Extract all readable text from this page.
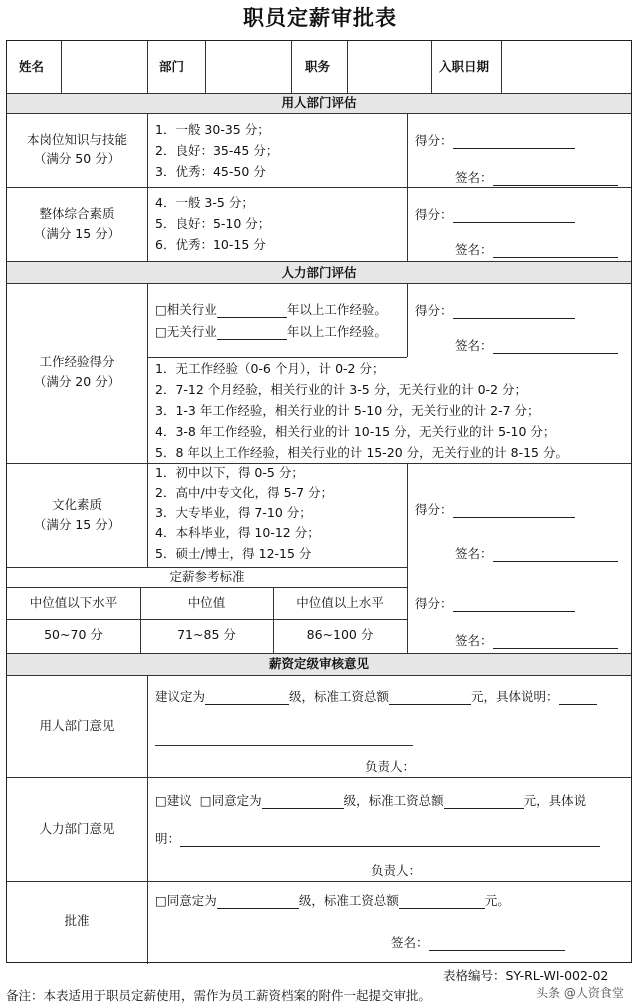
职员定薪审批表
姓名	部门	职务	入职日期
用人部门评估
本岗位知识与技能
（满分 50 分）
1．一般 30-35 分；
2．良好：35-45 分；
3．优秀：45-50 分
得分：
签名：
整体综合素质
（满分 15 分）
4．一般 3-5 分；
5．良好：5-10 分；
6．优秀：10-15 分
得分：
签名：
人力部门评估
工作经验得分
（满分 20 分）
□相关行业	年以上工作经验。
□无关行业	年以上工作经验。
得分：
签名：
1．无工作经验（0-6 个月），计 0-2 分；
2．7-12 个月经验，相关行业的计 3-5 分，无关行业的计 0-2 分；
3．1-3 年工作经验，相关行业的计 5-10 分，无关行业的计 2-7 分；
4．3-8 年工作经验，相关行业的计 10-15 分，无关行业的计 5-10 分；
5．8 年以上工作经验，相关行业的计 15-20 分，无关行业的计 8-15 分。
文化素质
（满分 15 分）
1．初中以下，得 0-5 分；
2．高中/中专文化，得 5-7 分；
3．大专毕业，得 7-10 分；
4．本科毕业，得 10-12 分；
5．硕士/博士，得 12-15 分
得分：
签名：
定薪参考标准
中位值以下水平	中位值	中位值以上水平
50~70 分	71~85 分	86~100 分
得分：
签名：
薪资定级审核意见
用人部门意见
建议定为	级，标准工资总额	元，具体说明：
负责人：
人力部门意见
□建议 □同意定为	级，标准工资总额	元，具体说
明：
负责人：
批准
□同意定为	级，标准工资总额	元。
签名：
表格编号：SY-RL-WI-002-02
备注：本表适用于职员定薪使用，需作为员工薪资档案的附件一起提交审批。	头条 @人资食堂
